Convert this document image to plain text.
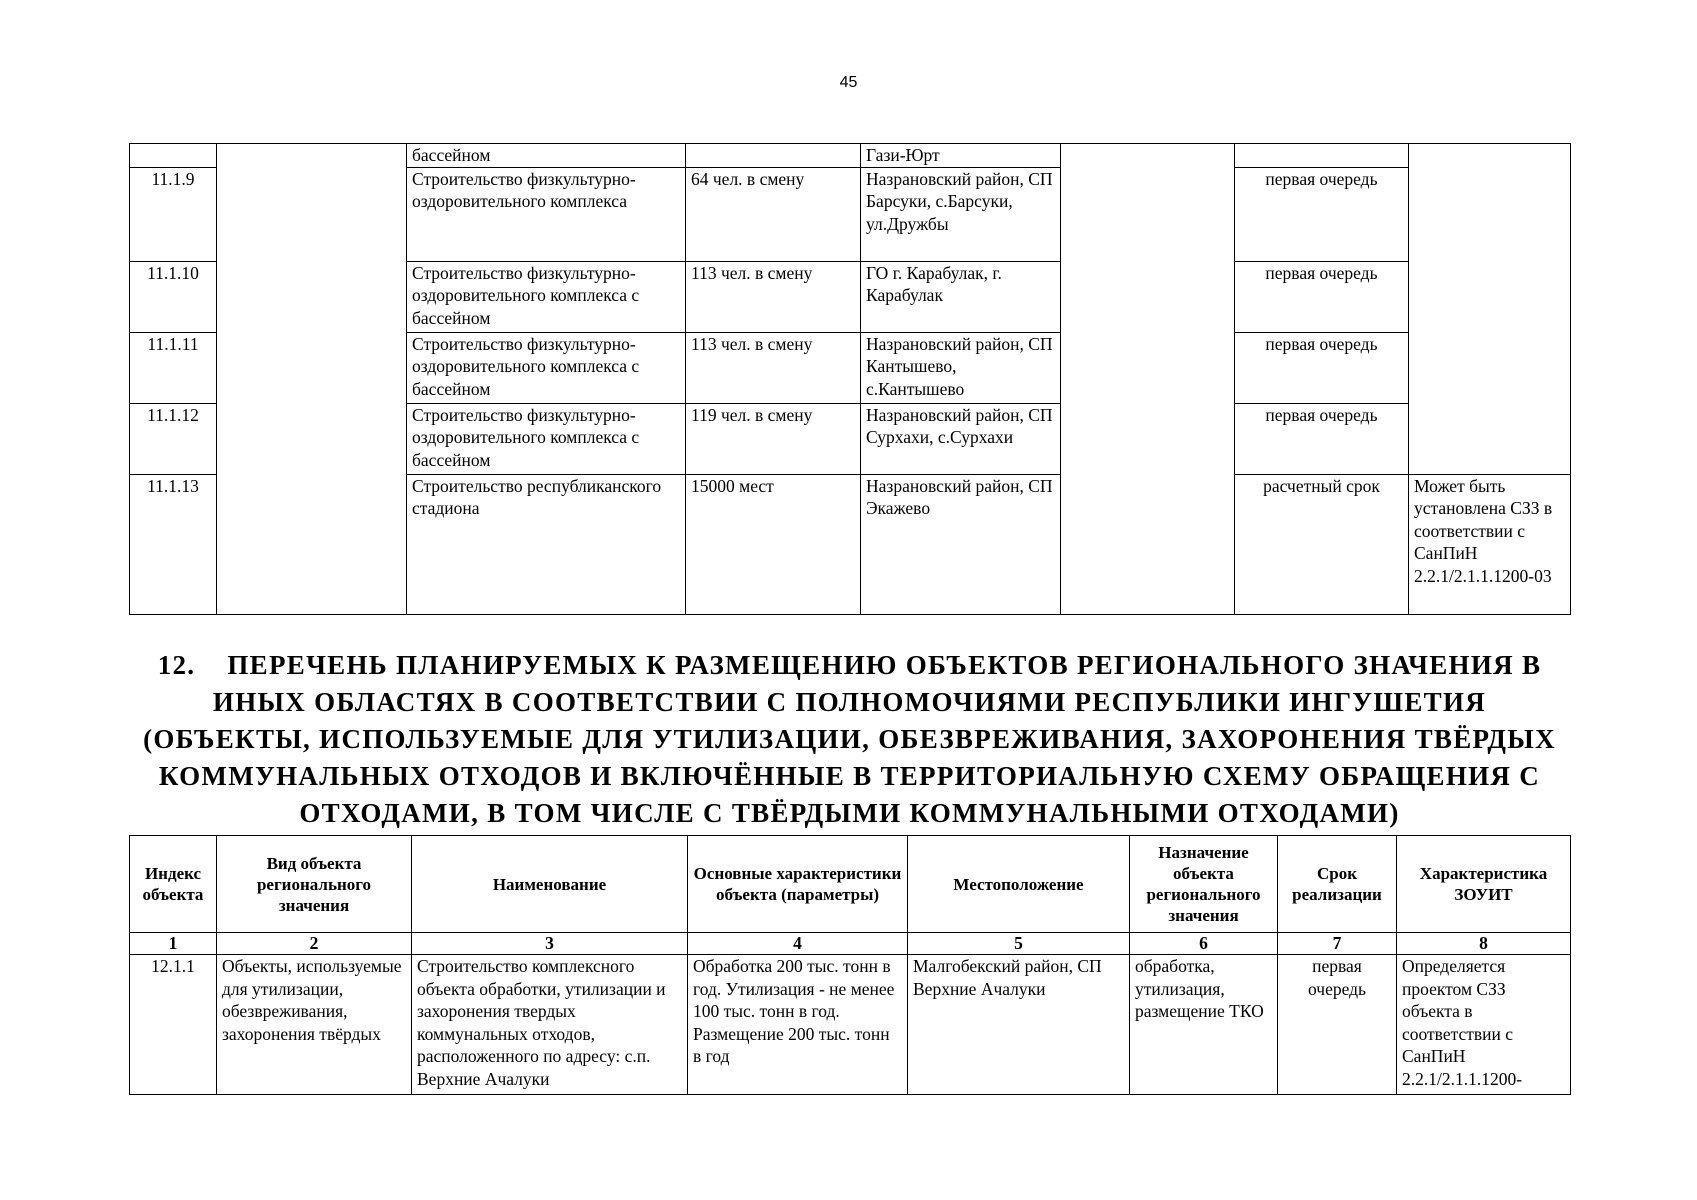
45
		бассейном		Гази-Юрт			
11.1.9		Строительство физкультурно-оздоровительного комплекса	64 чел. в смену	Назрановский район, СП Барсуки, с.Барсуки, ул.Дружбы		первая очередь	
11.1.10		Строительство физкультурно-оздоровительного комплекса с бассейном	113 чел. в смену	ГО г. Карабулак, г. Карабулак		первая очередь	
11.1.11		Строительство физкультурно-оздоровительного комплекса с бассейном	113 чел. в смену	Назрановский район, СП Кантышево, с.Кантышево		первая очередь	
11.1.12		Строительство физкультурно-оздоровительного комплекса с бассейном	119 чел. в смену	Назрановский район, СП Сурхахи, с.Сурхахи		первая очередь	
11.1.13		Строительство республиканского стадиона	15000 мест	Назрановский район, СП Экажево		расчетный срок	Может быть установлена СЗЗ в соответствии с СанПиН 2.2.1/2.1.1.1200-03
12. ПЕРЕЧЕНЬ ПЛАНИРУЕМЫХ К РАЗМЕЩЕНИЮ ОБЪЕКТОВ РЕГИОНАЛЬНОГО ЗНАЧЕНИЯ В ИНЫХ ОБЛАСТЯХ В СООТВЕТСТВИИ С ПОЛНОМОЧИЯМИ РЕСПУБЛИКИ ИНГУШЕТИЯ (ОБЪЕКТЫ, ИСПОЛЬЗУЕМЫЕ ДЛЯ УТИЛИЗАЦИИ, ОБЕЗВРЕЖИВАНИЯ, ЗАХОРОНЕНИЯ ТВЁРДЫХ КОММУНАЛЬНЫХ ОТХОДОВ И ВКЛЮЧЁННЫЕ В ТЕРРИТОРИАЛЬНУЮ СХЕМУ ОБРАЩЕНИЯ С ОТХОДАМИ, В ТОМ ЧИСЛЕ С ТВЁРДЫМИ КОММУНАЛЬНЫМИ ОТХОДАМИ)
Индекс объекта	Вид объекта регионального значения	Наименование	Основные характеристики объекта (параметры)	Местоположение	Назначение объекта регионального значения	Срок реализации	Характеристика ЗОУИТ
1	2	3	4	5	6	7	8
12.1.1	Объекты, используемые для утилизации, обезвреживания, захоронения твёрдых	Строительство комплексного объекта обработки, утилизации и захоронения твердых коммунальных отходов, расположенного по адресу: с.п. Верхние Ачалуки	Обработка 200 тыс. тонн в год. Утилизация - не менее 100 тыс. тонн в год. Размещение 200 тыс. тонн в год	Малгобекский район, СП Верхние Ачалуки	обработка, утилизация, размещение ТКО	первая очередь	Определяется проектом СЗЗ объекта в соответствии с СанПиН 2.2.1/2.1.1.1200-
